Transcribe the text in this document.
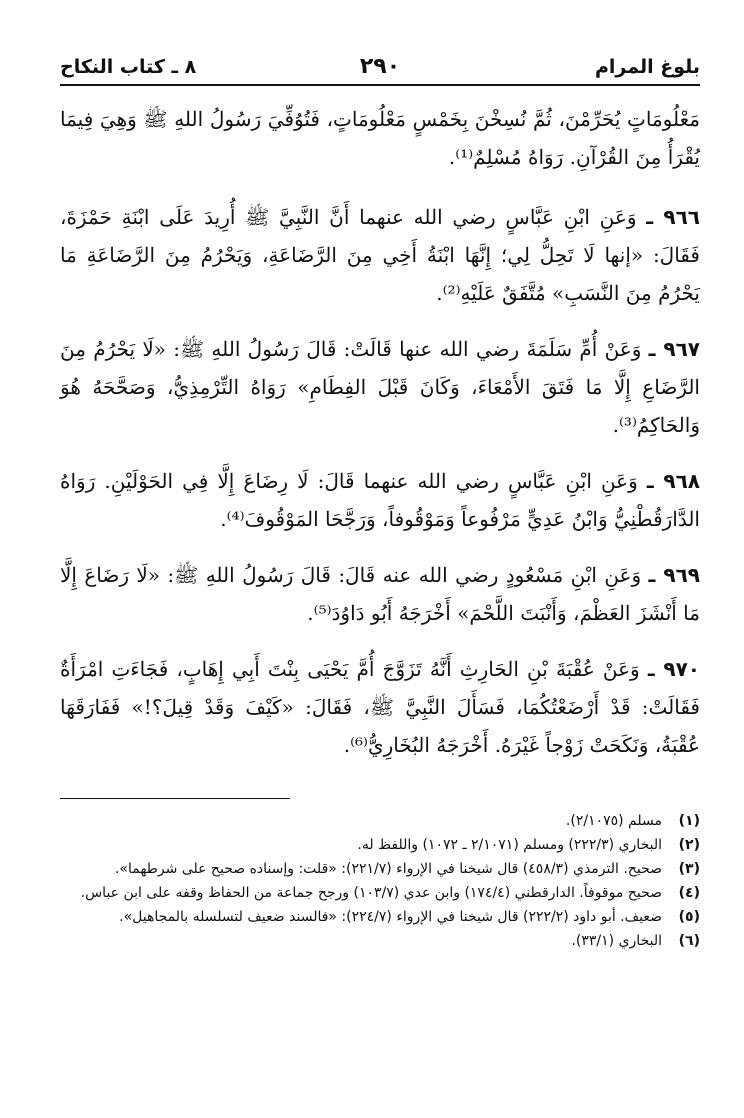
بلوغ المرام
٢٩٠
٨ ـ كتاب النكاح

مَعْلُومَاتٍ يُحَرِّمْنَ، ثُمَّ نُسِخْنَ بِخَمْسٍ مَعْلُومَاتٍ، فَتُوُفِّيَ رَسُولُ اللهِ ﷺ وَهِيَ فِيمَا يُقْرَأُ مِنَ القُرْآنِ. رَوَاهُ مُسْلِمٌ⁽¹⁾.

٩٦٦ ـ وَعَنِ ابْنِ عَبَّاسٍ رضي الله عنهما أَنَّ النَّبِيَّ ﷺ أُرِيدَ عَلَى ابْنَةِ حَمْزَةَ، فَقَالَ: «إنها لَا تَحِلُّ لِي؛ إِنَّهَا ابْنَةُ أَخِي مِنَ الرَّضَاعَةِ، وَيَحْرُمُ مِنَ الرَّضَاعَةِ مَا يَحْرُمُ مِنَ النَّسَبِ» مُتَّفَقٌ عَلَيْهِ⁽²⁾.

٩٦٧ ـ وَعَنْ أُمِّ سَلَمَةَ رضي الله عنها قَالَتْ: قَالَ رَسُولُ اللهِ ﷺ: «لَا يَحْرُمُ مِنَ الرَّضَاعِ إِلَّا مَا فَتَقَ الأَمْعَاءَ، وَكَانَ قَبْلَ الفِطَامِ» رَوَاهُ التِّرْمِذِيُّ، وَصَحَّحَهُ هُوَ وَالحَاكِمُ⁽³⁾.

٩٦٨ ـ وَعَنِ ابْنِ عَبَّاسٍ رضي الله عنهما قَالَ: لَا رِضَاعَ إِلَّا فِي الحَوْلَيْنِ. رَوَاهُ الدَّارَقُطْنِيُّ وَابْنُ عَدِيٍّ مَرْفُوعاً وَمَوْقُوفاً، وَرَجَّحَا المَوْقُوفَ⁽⁴⁾.

٩٦٩ ـ وَعَنِ ابْنِ مَسْعُودٍ رضي الله عنه قَالَ: قَالَ رَسُولُ اللهِ ﷺ: «لَا رَضَاعَ إِلَّا مَا أَنْشَزَ العَظْمَ، وَأَنْبَتَ اللَّحْمَ» أَخْرَجَهُ أَبُو دَاوُدَ⁽⁵⁾.

٩٧٠ ـ وَعَنْ عُقْبَةَ بْنِ الحَارِثِ أَنَّهُ تَزَوَّجَ أُمَّ يَحْيَى بِنْتَ أَبِي إِهَابٍ، فَجَاءَتِ امْرَأَةٌ فَقَالَتْ: قَدْ أَرْضَعْتُكُمَا، فَسَأَلَ النَّبِيَّ ﷺ، فَقَالَ: «كَيْفَ وَقَدْ قِيلَ؟!» فَفَارَقَهَا عُقْبَةُ، وَنَكَحَتْ زَوْجاً غَيْرَهُ. أَخْرَجَهُ البُخَارِيُّ⁽⁶⁾.

(١)
مسلم (٢/١٠٧٥).
(٢)
البخاري (٢٢٢/٣) ومسلم (٢/١٠٧١ ـ ١٠٧٢) واللفظ له.
(٣)
صحيح. الترمذي (٤٥٨/٣) قال شيخنا في الإرواء (٢٢١/٧): «قلت: وإسناده صحيح على شرطهما».
(٤)
صحيح موقوفاً. الدارقطني (١٧٤/٤) وابن عدي (١٠٣/٧) ورجح جماعة من الحفاظ وقفه على ابن عباس.
(٥)
ضعيف. أبو داود (٢٢٢/٢) قال شيخنا في الإرواء (٢٢٤/٧): «فالسند ضعيف لتسلسله بالمجاهيل».
(٦)
البخاري (٣٣/١).
